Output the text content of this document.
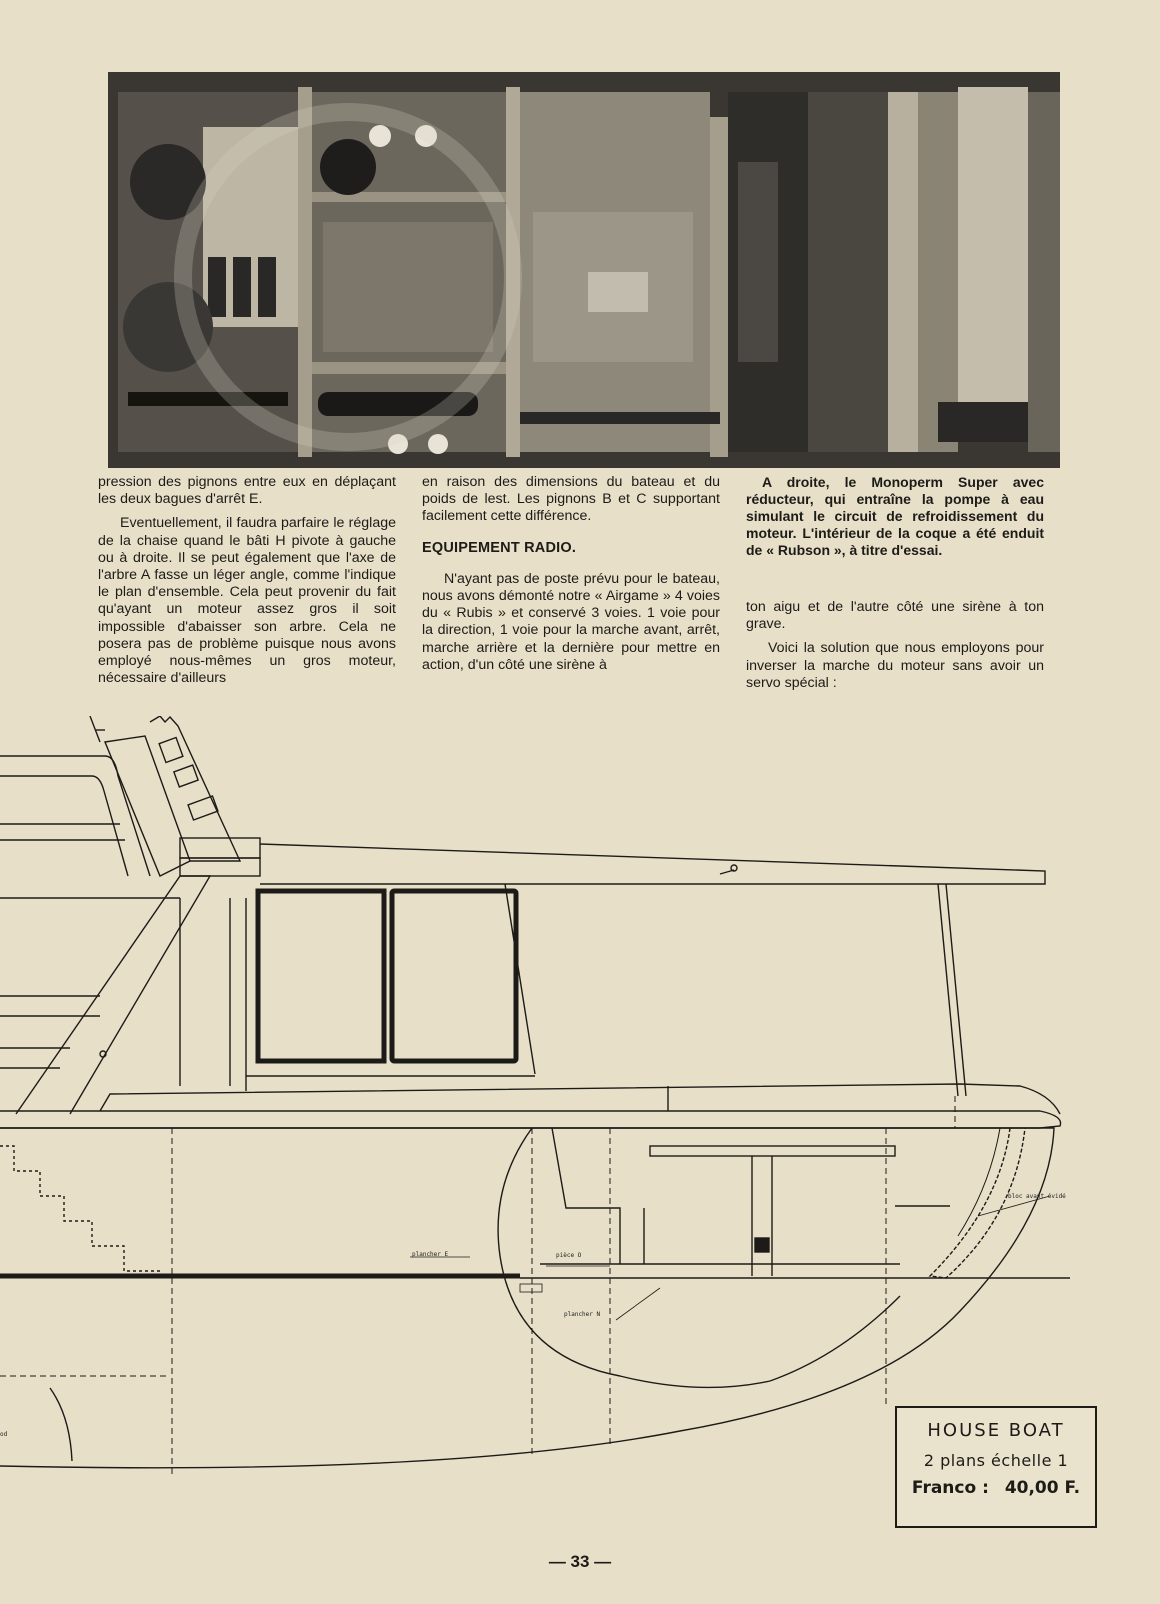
pression des pignons entre eux en déplaçant les deux bagues d'arrêt E.

Eventuellement, il faudra parfaire le réglage de la chaise quand le bâti H pivote à gauche ou à droite. Il se peut également que l'axe de l'arbre A fasse un léger angle, comme l'indique le plan d'ensemble. Cela peut provenir du fait qu'ayant un moteur assez gros il soit impossible d'abaisser son arbre. Cela ne posera pas de problème puisque nous avons employé nous-mêmes un gros moteur, nécessaire d'ailleurs

en raison des dimensions du bateau et du poids de lest. Les pignons B et C supportant facilement cette différence.

EQUIPEMENT RADIO.

N'ayant pas de poste prévu pour le bateau, nous avons démonté notre « Airgame » 4 voies du « Rubis » et conservé 3 voies. 1 voie pour la direction, 1 voie pour la marche avant, arrêt, marche arrière et la dernière pour mettre en action, d'un côté une sirène à

A droite, le Monoperm Super avec réducteur, qui entraîne la pompe à eau simulant le circuit de refroidissement du moteur. L'intérieur de la coque a été enduit de « Rubson », à titre d'essai.

ton aigu et de l'autre côté une sirène à ton grave.

Voici la solution que nous employons pour inverser la marche du moteur sans avoir un servo spécial :

plancher E	pièce O
plancher N
bloc avant évidé
od	HOUSE BOAT
2 plans échelle 1
Franco : 40,00 F.
— 33 —
